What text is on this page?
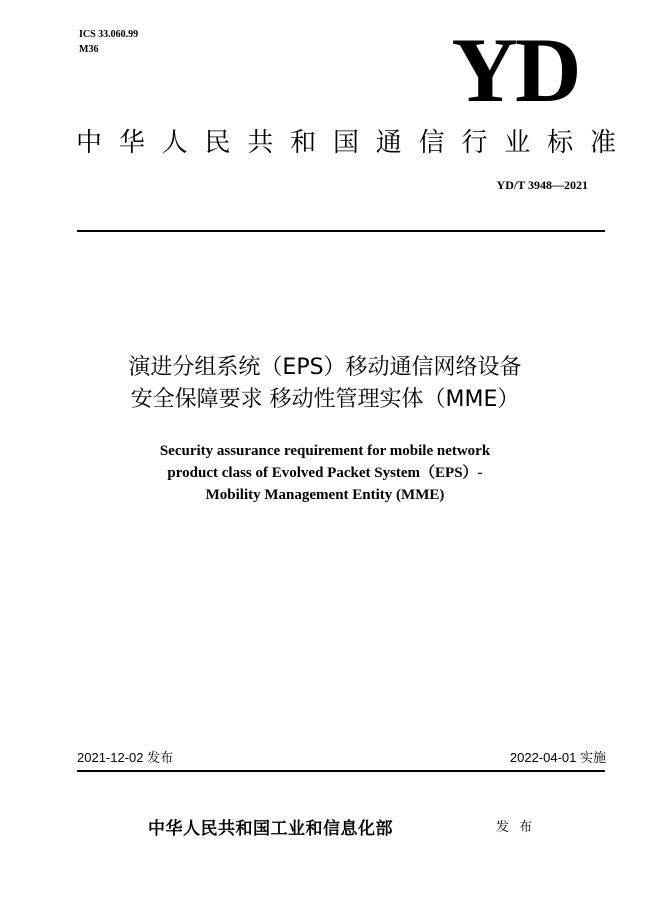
ICS 33.060.99
M36	YD
中 华 人 民 共 和 国 通 信 行 业 标 准
YD/T 3948—2021
演进分组系统（EPS）移动通信网络设备
安全保障要求 移动性管理实体（MME）
Security assurance requirement for mobile network
product class of Evolved Packet System（EPS）-
Mobility Management Entity (MME)
2021-12-02 发布	2022-04-01 实施
中华人民共和国工业和信息化部	发 布
